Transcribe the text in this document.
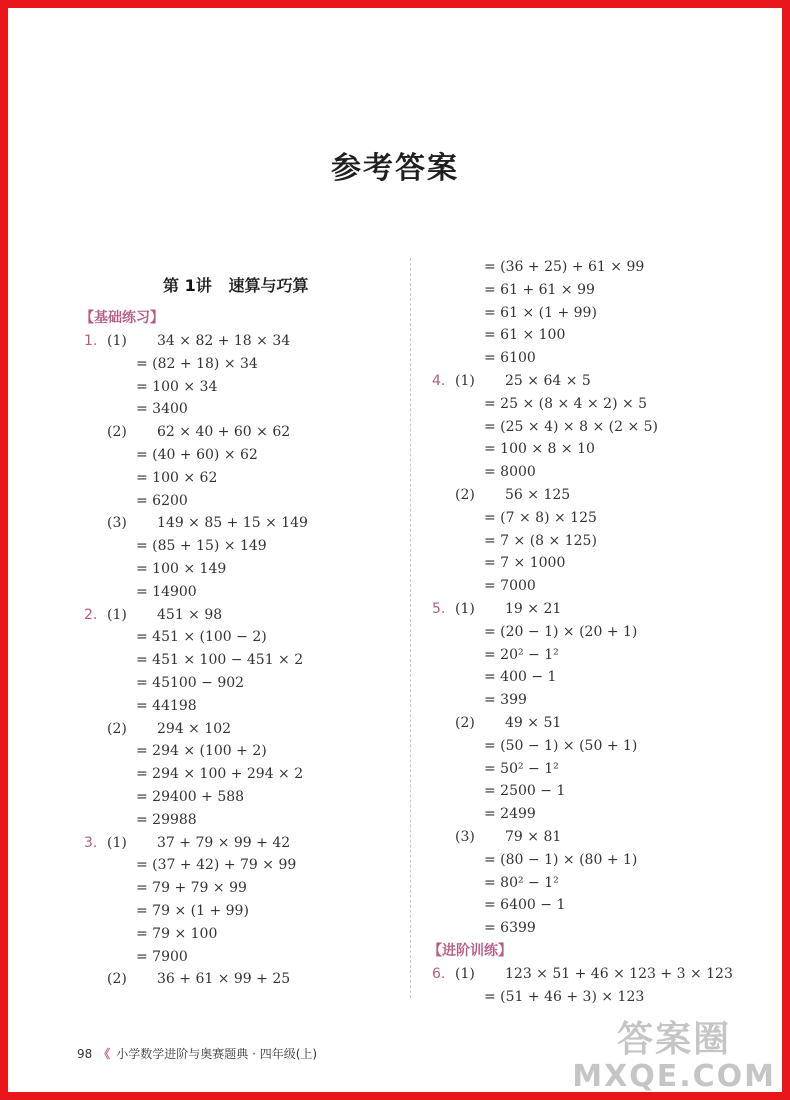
参考答案
第 1讲 速算与巧算
【基础练习】
1. (1) 34 × 82 + 18 × 34
= (82 + 18) × 34
= 100 × 34
= 3400
(2) 62 × 40 + 60 × 62
= (40 + 60) × 62
= 100 × 62
= 6200
(3) 149 × 85 + 15 × 149
= (85 + 15) × 149
= 100 × 149
= 14900
2. (1) 451 × 98
= 451 × (100 − 2)
= 451 × 100 − 451 × 2
= 45100 − 902
= 44198
(2) 294 × 102
= 294 × (100 + 2)
= 294 × 100 + 294 × 2
= 29400 + 588
= 29988
3. (1) 37 + 79 × 99 + 42
= (37 + 42) + 79 × 99
= 79 + 79 × 99
= 79 × (1 + 99)
= 79 × 100
= 7900
(2) 36 + 61 × 99 + 25
= (36 + 25) + 61 × 99
= 61 + 61 × 99
= 61 × (1 + 99)
= 61 × 100
= 6100
4. (1) 25 × 64 × 5
= 25 × (8 × 4 × 2) × 5
= (25 × 4) × 8 × (2 × 5)
= 100 × 8 × 10
= 8000
(2) 56 × 125
= (7 × 8) × 125
= 7 × (8 × 125)
= 7 × 1000
= 7000
5. (1) 19 × 21
= (20 − 1) × (20 + 1)
= 20² − 1²
= 400 − 1
= 399
(2) 49 × 51
= (50 − 1) × (50 + 1)
= 50² − 1²
= 2500 − 1
= 2499
(3) 79 × 81
= (80 − 1) × (80 + 1)
= 80² − 1²
= 6400 − 1
= 6399
【进阶训练】
6. (1) 123 × 51 + 46 × 123 + 3 × 123
= (51 + 46 + 3) × 123
98 《 小学数学进阶与奥赛题典 · 四年级(上)	答案圈
MXQE.COM
